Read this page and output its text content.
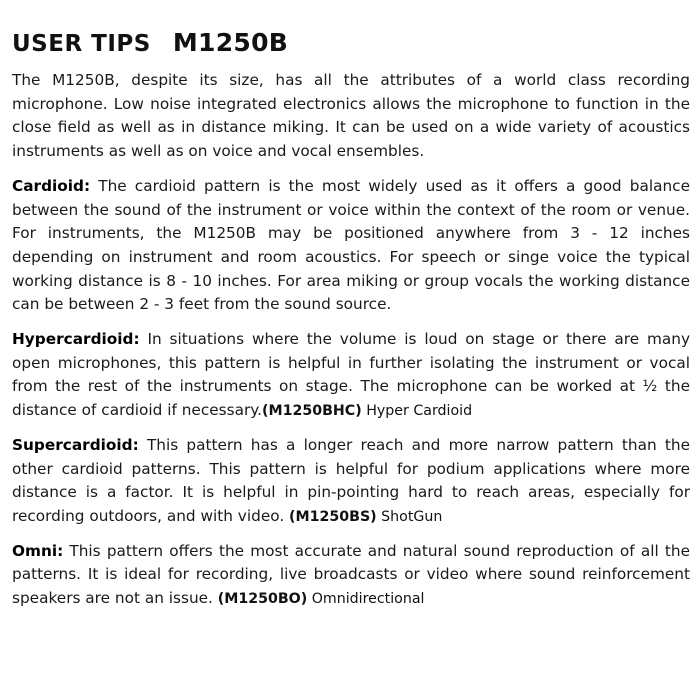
USER TIPS M1250B

The M1250B, despite its size, has all the attributes of a world class recording microphone. Low noise integrated electronics allows the microphone to function in the close field as well as in distance miking. It can be used on a wide variety of acoustics instruments as well as on voice and vocal ensembles.

Cardioid: The cardioid pattern is the most widely used as it offers a good balance between the sound of the instrument or voice within the context of the room or venue. For instruments, the M1250B may be positioned anywhere from 3 - 12 inches depending on instrument and room acoustics. For speech or singe voice the typical working distance is 8 - 10 inches. For area miking or group vocals the working distance can be between 2 - 3 feet from the sound source.

Hypercardioid: In situations where the volume is loud on stage or there are many open microphones, this pattern is helpful in further isolating the instrument or vocal from the rest of the instruments on stage. The microphone can be worked at ½ the distance of cardioid if necessary.(M1250BHC) Hyper Cardioid

Supercardioid: This pattern has a longer reach and more narrow pattern than the other cardioid patterns. This pattern is helpful for podium applications where more distance is a factor. It is helpful in pin-pointing hard to reach areas, especially for recording outdoors, and with video. (M1250BS) ShotGun

Omni: This pattern offers the most accurate and natural sound reproduction of all the patterns. It is ideal for recording, live broadcasts or video where sound reinforcement speakers are not an issue. (M1250BO) Omnidirectional
